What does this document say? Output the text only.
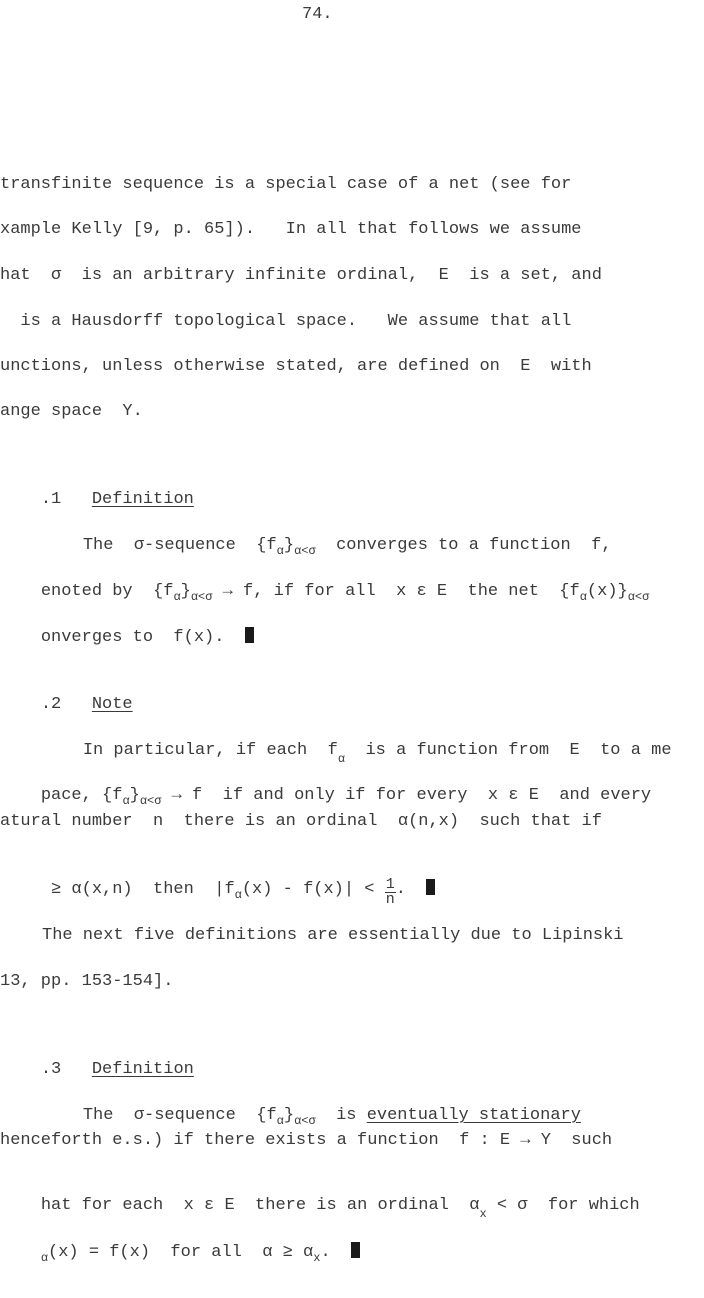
74.
transfinite sequence is a special case of a net (see for
xample Kelly [9, p. 65]).   In all that follows we assume
hat  σ  is an arbitrary infinite ordinal,  E  is a set, and
is a Hausdorff topological space.   We assume that all
unctions, unless otherwise stated, are defined on  E  with
ange space  Y.

.1 Definition

The  σ-sequence  $\{f_\alpha\}_{\alpha<\sigma}$  converges to a function  f,

enoted by  $\{f_\alpha\}_{\alpha<\sigma} \to f$, if for all  x ε E  the net  $\{f_\alpha(x)\}_{\alpha<\sigma}$

onverges to  f(x).

.2 Note

In particular, if each  $f_\alpha$  is a function from  E  to a me

pace, $\{f_\alpha\}_{\alpha<\sigma} \to f$  if and only if for every  x ε E  and every

atural number  n  there is an ordinal  α(n,x)  such that if

≥ α(x,n)  then  $|f_\alpha(x) - f(x)| < \frac{1}{n}$ .

The next five definitions are essentially due to Lipinski
13, pp. 153-154].

.3 Definition

The  σ-sequence  $\{f_\alpha\}_{\alpha<\sigma}$  is eventually stationary

henceforth e.s.) if there exists a function  f : E → Y  such

hat for each  x ε E  there is an ordinal  $\alpha_x < \sigma$  for which

$_\alpha$(x) = f(x)  for all  $\alpha \ge \alpha_x$.
